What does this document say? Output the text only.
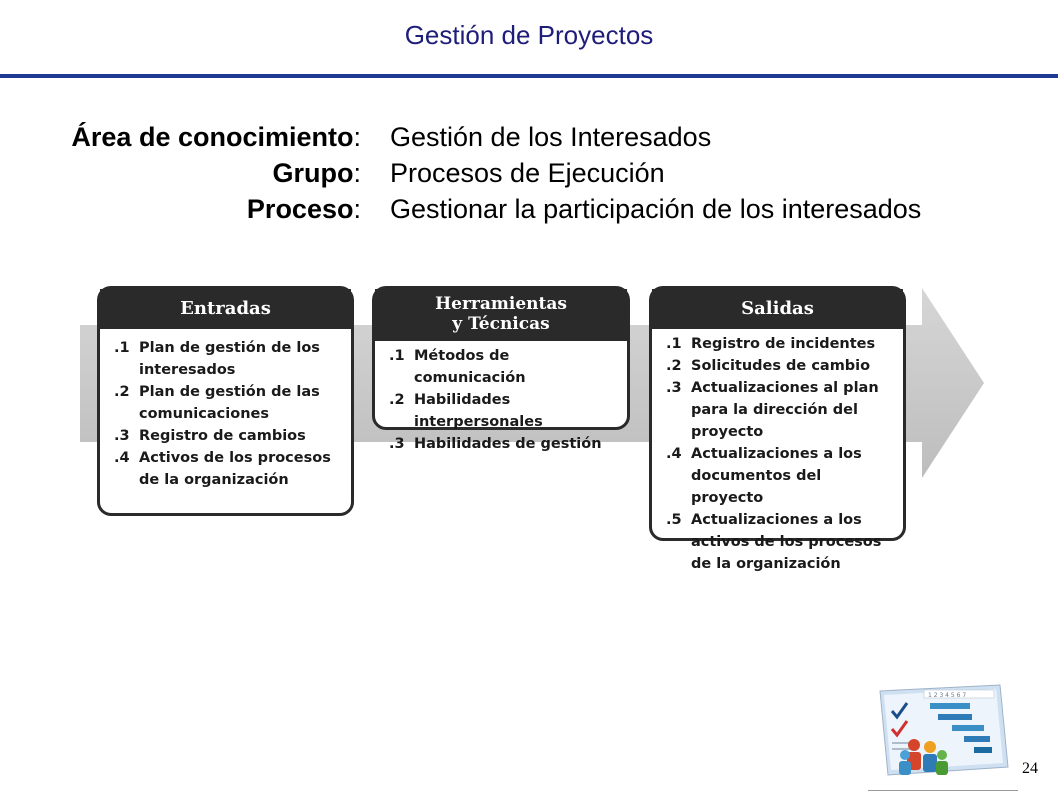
Gestión de Proyectos
Área de conocimiento: Gestión de los Interesados
Grupo: Procesos de Ejecución
Proceso: Gestionar la participación de los interesados
Entradas
.1 Plan de gestión de los interesados
.2 Plan de gestión de las comunicaciones
.3 Registro de cambios
.4 Activos de los procesos de la organización
Herramientas
y Técnicas
.1 Métodos de comunicación
.2 Habilidades interpersonales
.3 Habilidades de gestión
Salidas
.1 Registro de incidentes
.2 Solicitudes de cambio
.3 Actualizaciones al plan para la dirección del proyecto
.4 Actualizaciones a los documentos del proyecto
.5 Actualizaciones a los activos de los procesos de la organización
1 2 3 4 5 6 7
24
